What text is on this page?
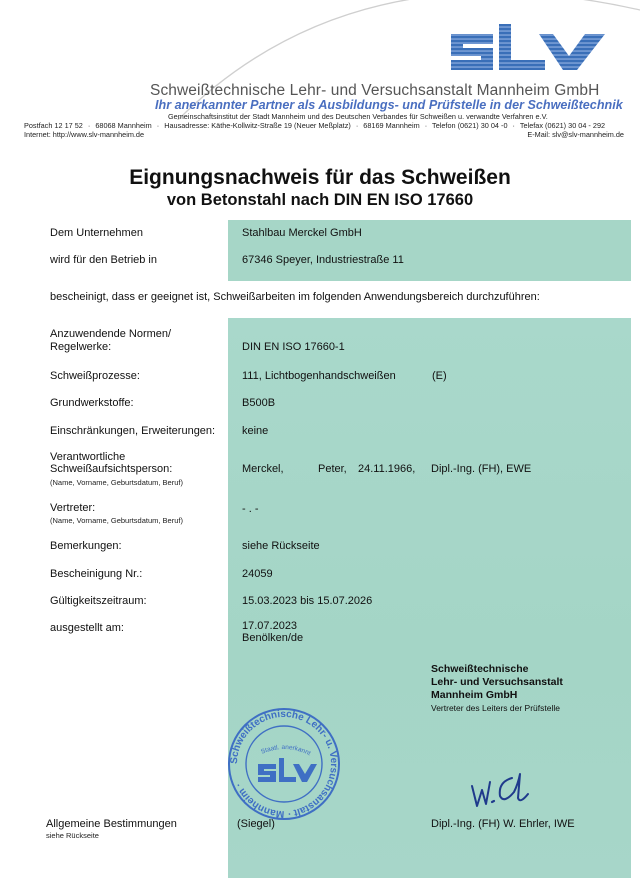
Schweißtechnische Lehr- und Versuchsanstalt Mannheim GmbH
Ihr anerkannter Partner als Ausbildungs- und Prüfstelle in der Schweißtechnik
Gemeinschaftsinstitut der Stadt Mannheim und des Deutschen Verbandes für Schweißen u. verwandte Verfahren e.V.
Postfach 12 17 52 · 68068 Mannheim · Hausadresse: Käthe-Kollwitz-Straße 19 (Neuer Meßplatz) · 68169 Mannheim · Telefon (0621) 30 04 -0 · Telefax (0621) 30 04 - 292
Internet: http://www.slv-mannheim.de	E-Mail: slv@slv-mannheim.de
Eignungsnachweis für das Schweißen
von Betonstahl nach DIN EN ISO 17660
Dem Unternehmen	Stahlbau Merckel GmbH
wird für den Betrieb in	67346 Speyer, Industriestraße 11
bescheinigt, dass er geeignet ist, Schweißarbeiten im folgenden Anwendungsbereich durchzuführen:
Anzuwendende Normen/
Regelwerke:	DIN EN ISO 17660-1
Schweißprozesse:	111, Lichtbogenhandschweißen	(E)
Grundwerkstoffe:	B500B
Einschränkungen, Erweiterungen: keine
Verantwortliche
Schweißaufsichtsperson:
(Name, Vorname, Geburtsdatum, Beruf)
Merckel,	Peter, 24.11.1966, Dipl.-Ing. (FH), EWE
Vertreter:
(Name, Vorname, Geburtsdatum, Beruf)
- . -
Bemerkungen:	siehe Rückseite
Bescheinigung Nr.:	24059
Gültigkeitszeitraum:	15.03.2023 bis 15.07.2026
ausgestellt am:	17.07.2023
Benölken/de
Schweißtechnische
Lehr- und Versuchsanstalt
Mannheim GmbH
Vertreter des Leiters der Prüfstelle
Schweißtechnische Lehr- u. Versuchsanstalt · Mannheim ·
Staatl. anerkannt
(Siegel)	Dipl.-Ing. (FH) W. Ehrler, IWE
Allgemeine Bestimmungen
siehe Rückseite
